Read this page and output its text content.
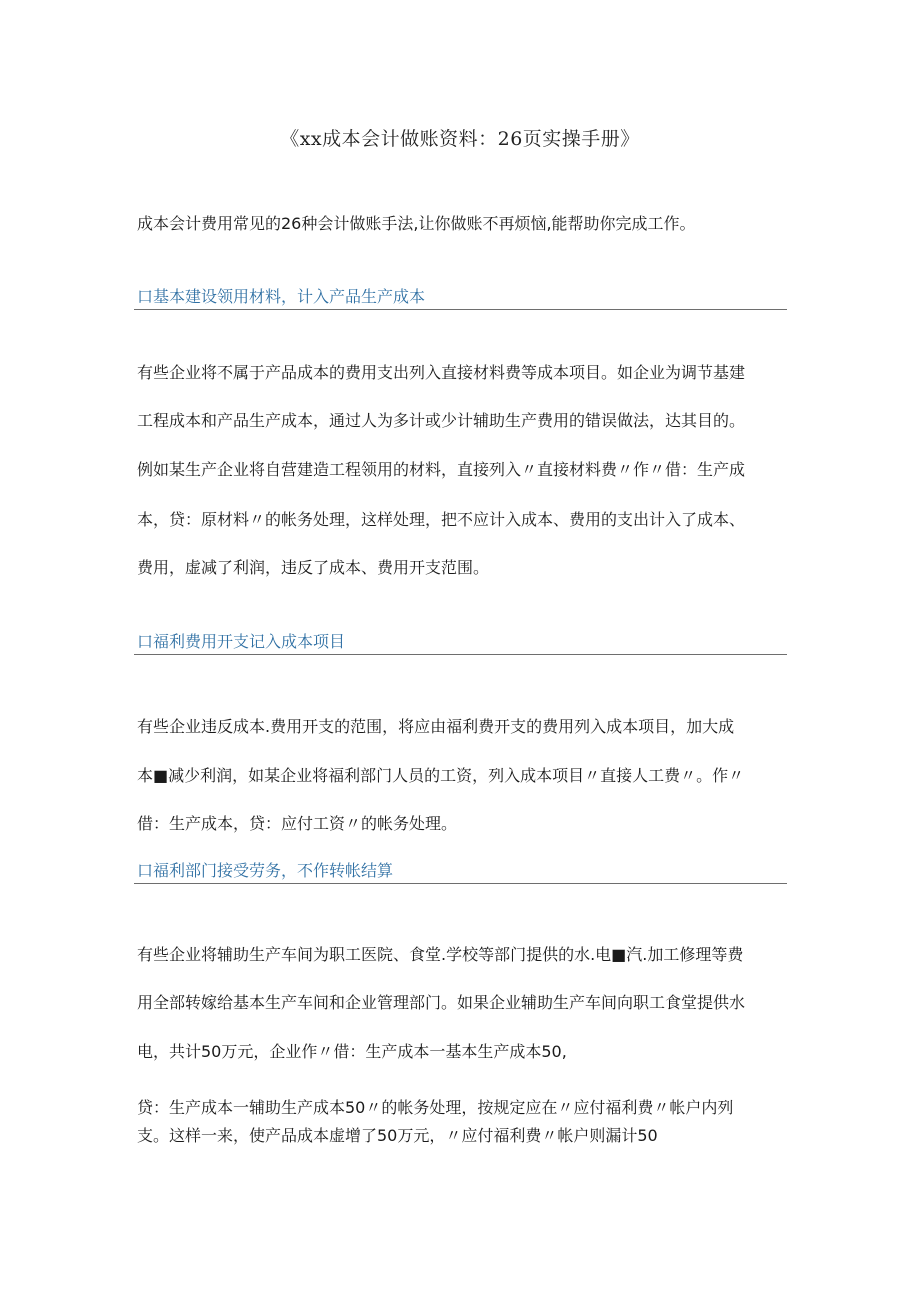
《xx成本会计做账资料：26页实操手册》
成本会计费用常见的26种会计做账手法,让你做账不再烦恼,能帮助你完成工作。
口基本建设领用材料，计入产品生产成本
有些企业将不属于产品成本的费用支出列入直接材料费等成本项目。如企业为调节基建
工程成本和产品生产成本，通过人为多计或少计辅助生产费用的错误做法，达其目的。
例如某生产企业将自营建造工程领用的材料，直接列入〃直接材料费〃作〃借：生产成
本，贷：原材料〃的帐务处理，这样处理，把不应计入成本、费用的支出计入了成本、
费用，虚减了利润，违反了成本、费用开支范围。
口福利费用开支记入成本项目
有些企业违反成本.费用开支的范围，将应由福利费开支的费用列入成本项目，加大成
本■减少利润，如某企业将福利部门人员的工资，列入成本项目〃直接人工费〃。作〃
借：生产成本，贷：应付工资〃的帐务处理。
口福利部门接受劳务，不作转帐结算
有些企业将辅助生产车间为职工医院、食堂.学校等部门提供的水.电■汽.加工修理等费
用全部转嫁给基本生产车间和企业管理部门。如果企业辅助生产车间向职工食堂提供水
电，共计50万元，企业作〃借：生产成本一基本生产成本50,
贷：生产成本一辅助生产成本50〃的帐务处理，按规定应在〃应付福利费〃帐户内列
支。这样一来，使产品成本虚增了50万元，〃应付福利费〃帐户则漏计50
